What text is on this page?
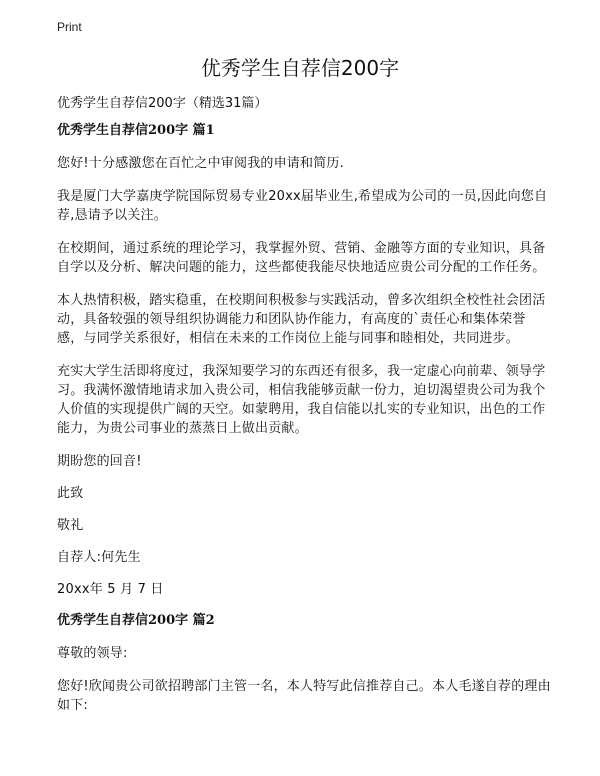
Print
优秀学生自荐信200字

优秀学生自荐信200字（精选31篇）

优秀学生自荐信200字 篇1

您好!十分感激您在百忙之中审阅我的申请和简历.

我是厦门大学嘉庚学院国际贸易专业20xx届毕业生,希望成为公司的一员,因此向您自荐,恳请予以关注。

在校期间，通过系统的理论学习，我掌握外贸、营销、金融等方面的专业知识，具备自学以及分析、解决问题的能力，这些都使我能尽快地适应贵公司分配的工作任务。

本人热情积极，踏实稳重，在校期间积极参与实践活动，曾多次组织全校性社会团活动，具备较强的领导组织协调能力和团队协作能力，有高度的`责任心和集体荣誉感，与同学关系很好，相信在未来的工作岗位上能与同事和睦相处，共同进步。

充实大学生活即将度过，我深知要学习的东西还有很多，我一定虚心向前辈、领导学习。我满怀激情地请求加入贵公司，相信我能够贡献一份力，迫切渴望贵公司为我个人价值的实现提供广阔的天空。如蒙聘用，我自信能以扎实的专业知识，出色的工作能力，为贵公司事业的蒸蒸日上做出贡献。

期盼您的回音!

此致

敬礼

自荐人:何先生

20xx年 5 月 7 日

优秀学生自荐信200字 篇2

尊敬的领导:

您好!欣闻贵公司欲招聘部门主管一名，本人特写此信推荐自己。本人毛遂自荐的理由如下:
